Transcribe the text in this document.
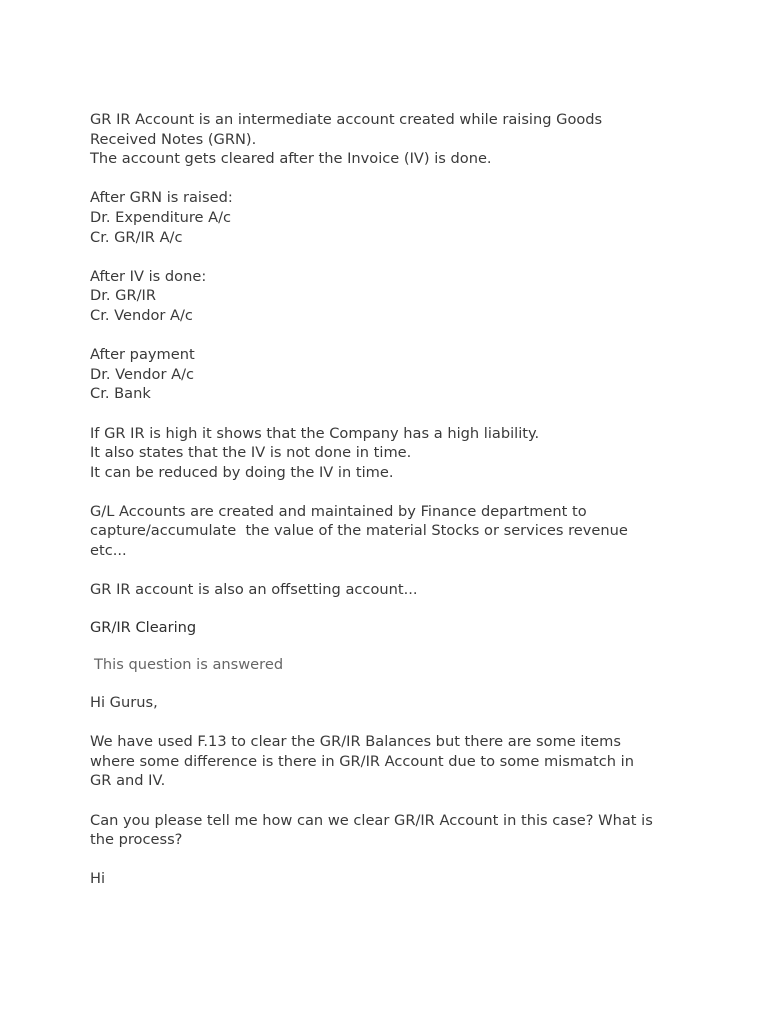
GR IR Account is an intermediate account created while raising Goods

Received Notes (GRN).

The account gets cleared after the Invoice (IV) is done.

After GRN is raised:

Dr. Expenditure A/c

Cr. GR/IR A/c

After IV is done:

Dr. GR/IR

Cr. Vendor A/c

After payment

Dr. Vendor A/c

Cr. Bank

If GR IR is high it shows that the Company has a high liability.

It also states that the IV is not done in time.

It can be reduced by doing the IV in time.

G/L Accounts are created and maintained by Finance department to

capture/accumulate  the value of the material Stocks or services revenue

etc...

GR IR account is also an offsetting account...

GR/IR Clearing

This question is answered

Hi Gurus,

We have used F.13 to clear the GR/IR Balances but there are some items

where some difference is there in GR/IR Account due to some mismatch in

GR and IV.

Can you please tell me how can we clear GR/IR Account in this case? What is

the process?

Hi
